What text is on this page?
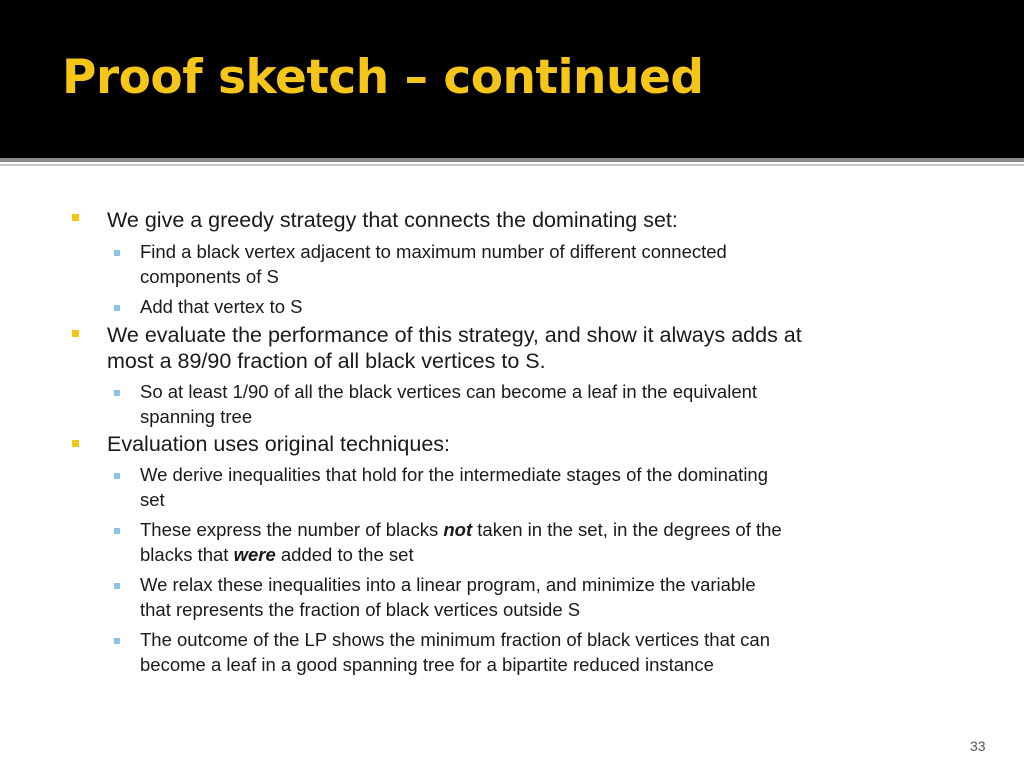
Proof sketch – continued
We give a greedy strategy that connects the dominating set:
Find a black vertex adjacent to maximum number of different connected
components of S
Add that vertex to S
We evaluate the performance of this strategy, and show it always adds at
most a 89/90 fraction of all black vertices to S.
So at least 1/90 of all the black vertices can become a leaf in the equivalent
spanning tree
Evaluation uses original techniques:
We derive inequalities that hold for the intermediate stages of the dominating
set
These express the number of blacks not taken in the set, in the degrees of the
blacks that were added to the set
We relax these inequalities into a linear program, and minimize the variable
that represents the fraction of black vertices outside S
The outcome of the LP shows the minimum fraction of black vertices that can
become a leaf in a good spanning tree for a bipartite reduced instance
33
